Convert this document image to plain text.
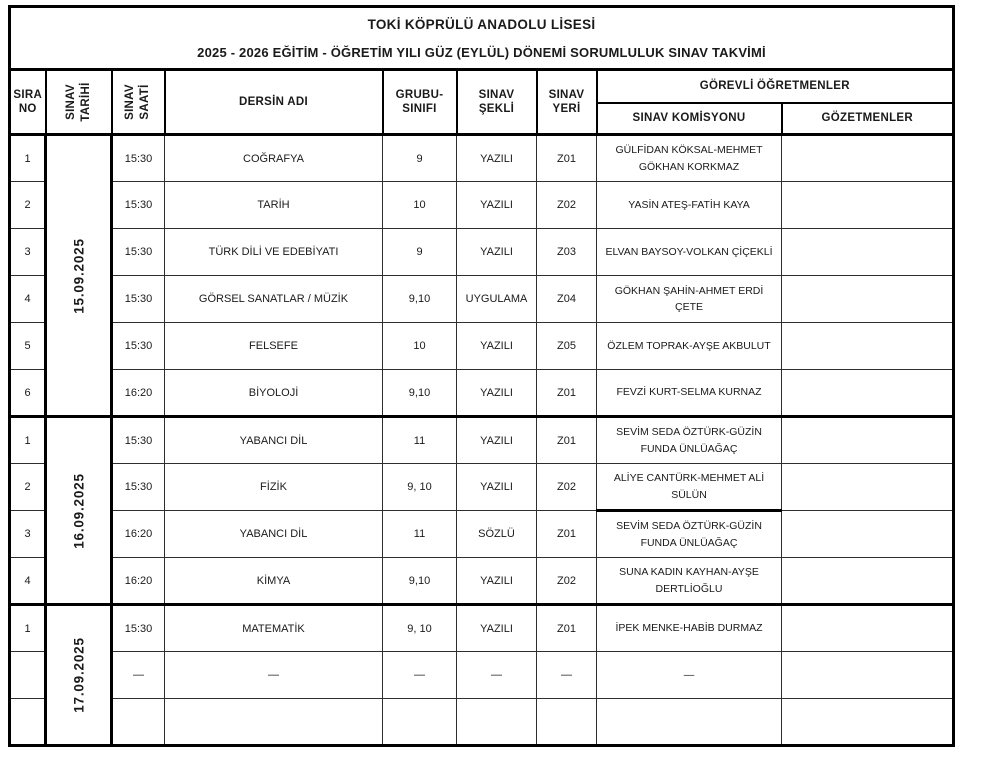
TOKİ KÖPRÜLÜ ANADOLU LİSESİ
2025 - 2026 EĞİTİM - ÖĞRETİM YILI GÜZ (EYLÜL) DÖNEMİ SORUMLULUK SINAV TAKVİMİ								

SIRA NO	SINAV TARİHİ	SINAV SAATİ	DERSİN ADI	GRUBU-SINIFI	SINAV ŞEKLİ	SINAV YERİ	GÖREVLİ ÖĞRETMENLER	
							SINAV KOMİSYONU	GÖZETMENLER
1	15.09.2025	15:30	COĞRAFYA	9	YAZILI	Z01	GÜLFİDAN KÖKSAL-MEHMET GÖKHAN KORKMAZ	
2		15:30	TARİH	10	YAZILI	Z02	YASİN ATEŞ-FATİH KAYA	
3		15:30	TÜRK DİLİ VE EDEBİYATI	9	YAZILI	Z03	ELVAN BAYSOY-VOLKAN ÇİÇEKLİ	
4		15:30	GÖRSEL SANATLAR / MÜZİK	9,10	UYGULAMA	Z04	GÖKHAN ŞAHİN-AHMET ERDİ ÇETE	
5		15:30	FELSEFE	10	YAZILI	Z05	ÖZLEM TOPRAK-AYŞE AKBULUT	
6		16:20	BİYOLOJİ	9,10	YAZILI	Z01	FEVZİ KURT-SELMA KURNAZ	
1	16.09.2025	15:30	YABANCI DİL	11	YAZILI	Z01	SEVİM SEDA ÖZTÜRK-GÜZİN FUNDA ÜNLÜAĞAÇ	
2		15:30	FİZİK	9, 10	YAZILI	Z02	ALİYE CANTÜRK-MEHMET ALİ SÜLÜN	
3		16:20	YABANCI DİL	11	SÖZLÜ	Z01	SEVİM SEDA ÖZTÜRK-GÜZİN FUNDA ÜNLÜAĞAÇ	
4		16:20	KİMYA	9,10	YAZILI	Z02	SUNA KADIN KAYHAN-AYŞE DERTLİOĞLU	
1	17.09.2025	15:30	MATEMATİK	9, 10	YAZILI	Z01	İPEK MENKE-HABİB DURMAZ	
		—	—	—	—	—	—	
